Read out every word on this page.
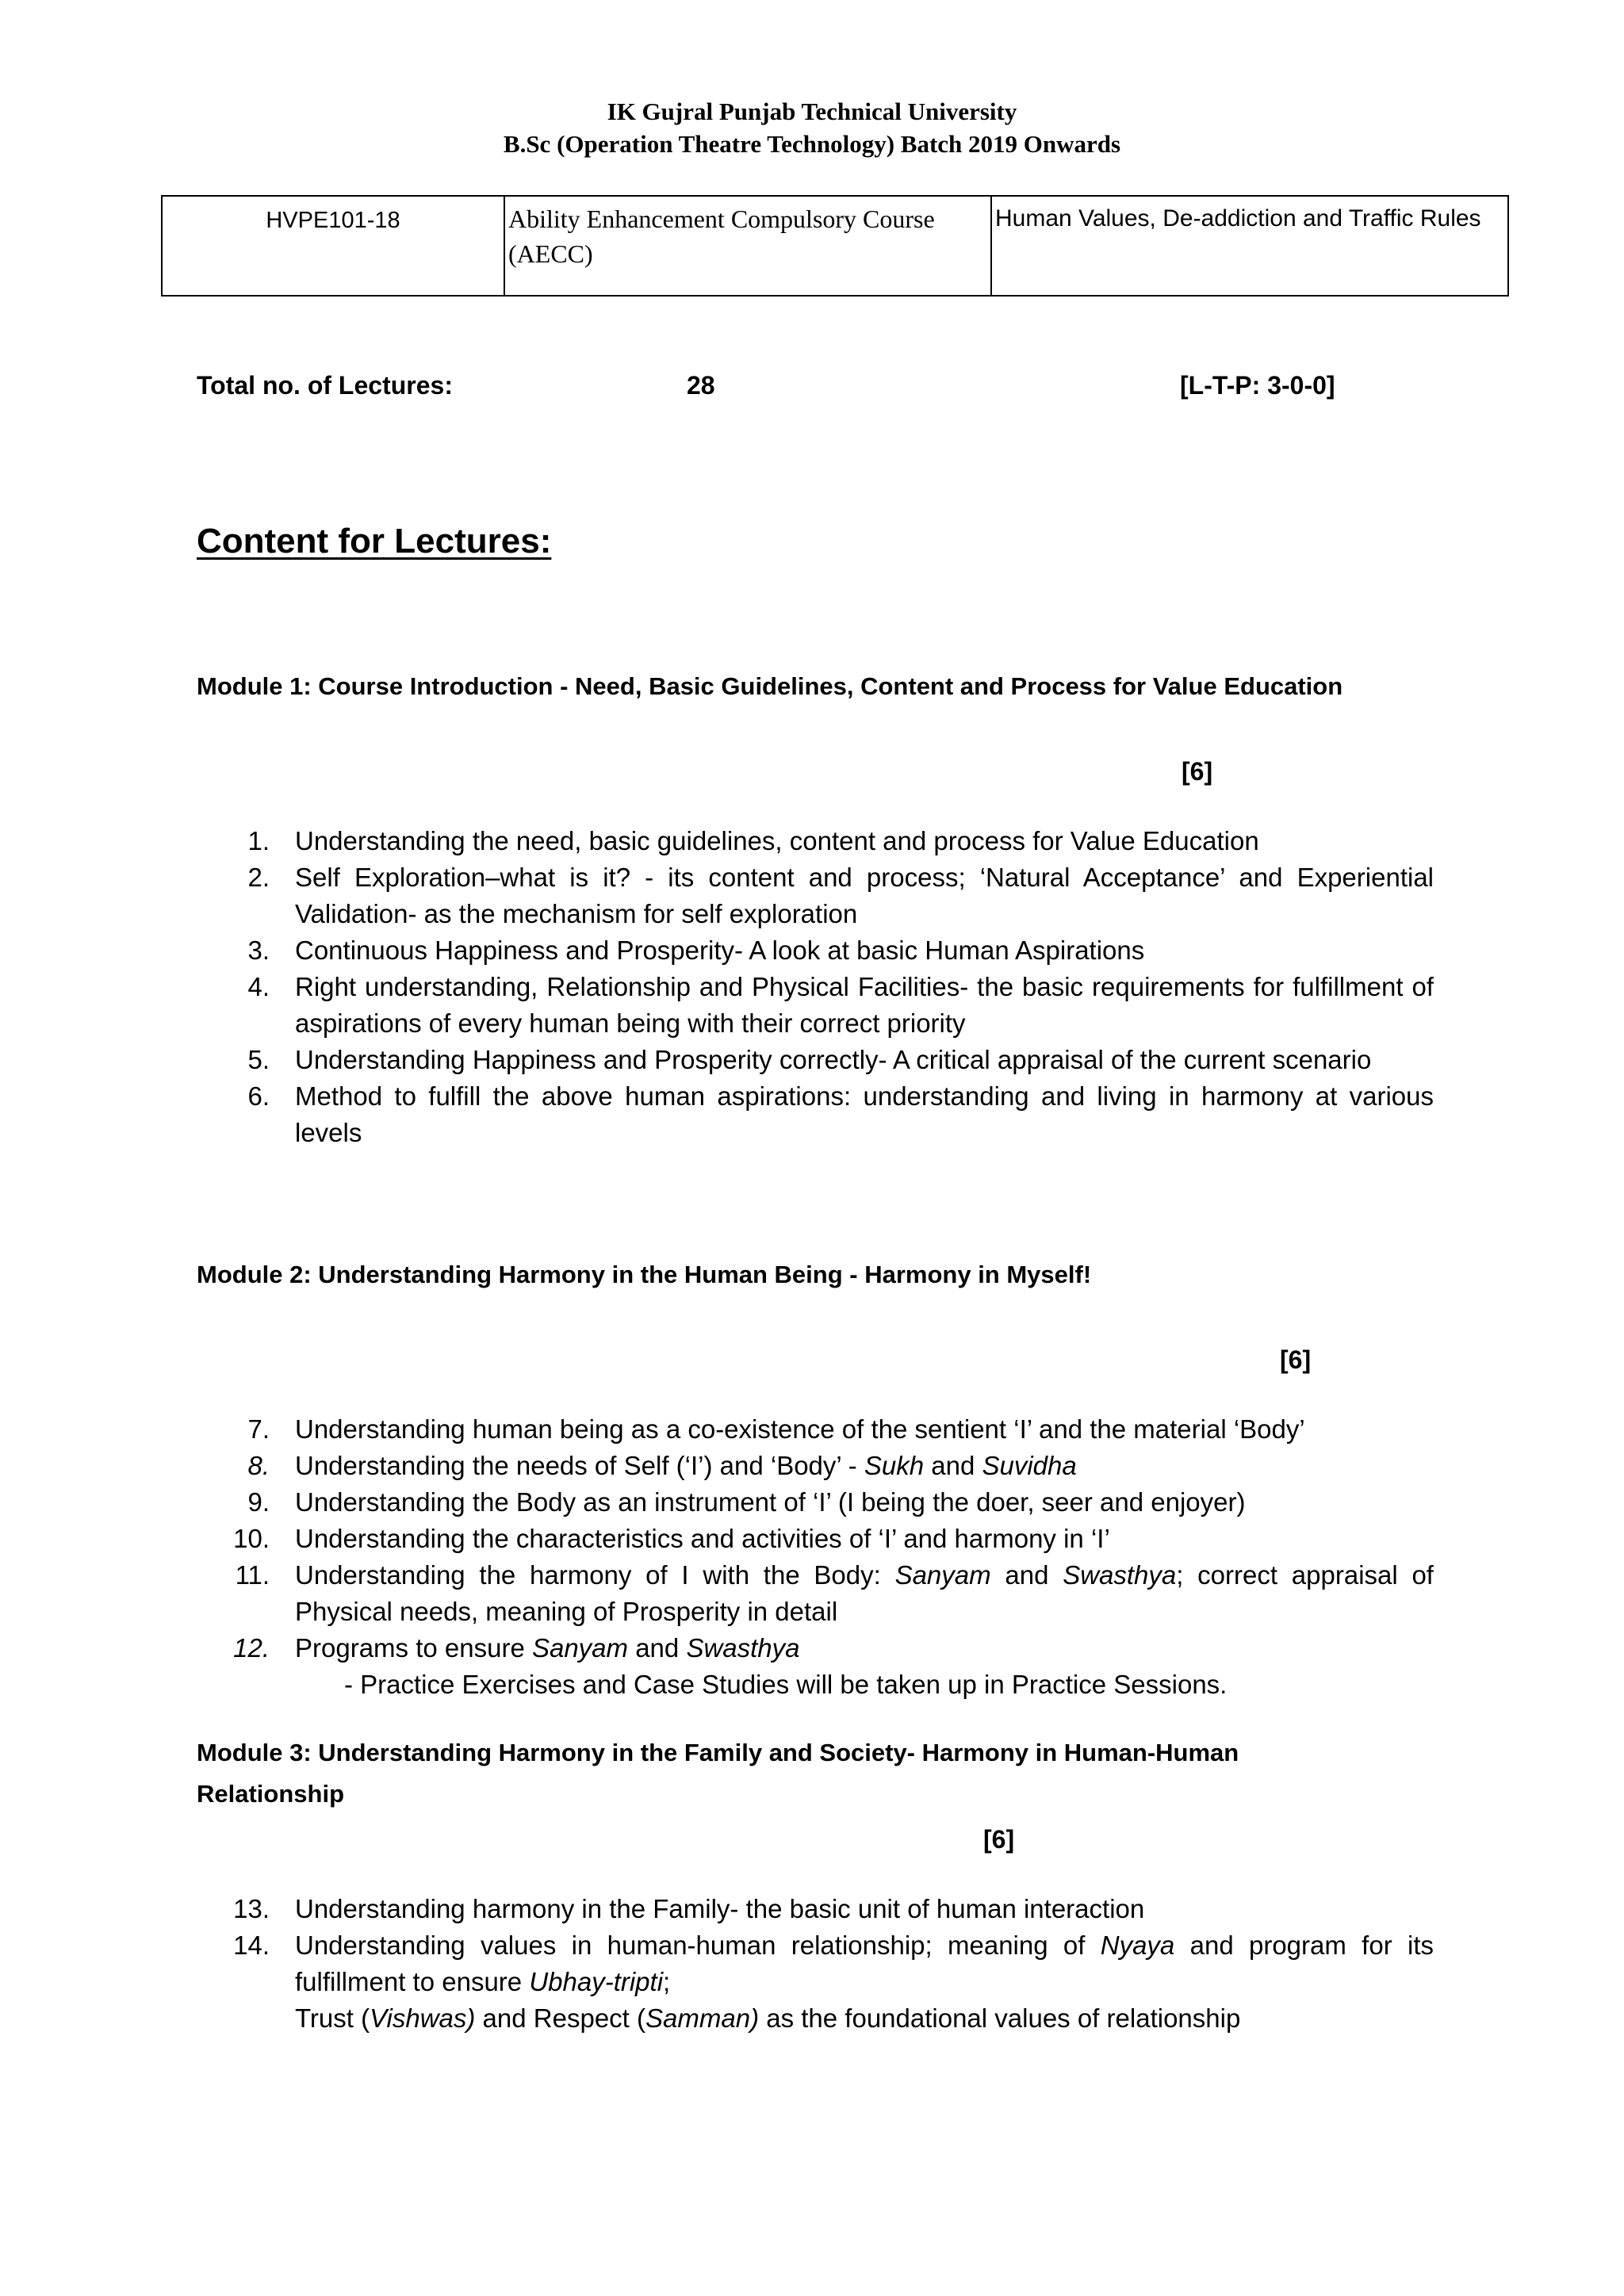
IK Gujral Punjab Technical University
B.Sc (Operation Theatre Technology) Batch 2019 Onwards
HVPE101-18	Ability Enhancement Compulsory Course (AECC)	Human Values, De-addiction and Traffic Rules
Total no. of Lectures:	28	[L-T-P: 3-0-0]
Content for Lectures:
Module 1: Course Introduction - Need, Basic Guidelines, Content and Process for Value Education
[6]
1. Understanding the need, basic guidelines, content and process for Value Education
2. Self Exploration–what is it? - its content and process; ‘Natural Acceptance’ and Experiential Validation- as the mechanism for self exploration
3. Continuous Happiness and Prosperity- A look at basic Human Aspirations
4. Right understanding, Relationship and Physical Facilities- the basic requirements for fulfillment of aspirations of every human being with their correct priority
5. Understanding Happiness and Prosperity correctly- A critical appraisal of the current scenario
6. Method to fulfill the above human aspirations: understanding and living in harmony at various levels
Module 2: Understanding Harmony in the Human Being - Harmony in Myself!
[6]
7. Understanding human being as a co-existence of the sentient ‘I’ and the material ‘Body’
8. Understanding the needs of Self (‘I’) and ‘Body’ - Sukh and Suvidha
9. Understanding the Body as an instrument of ‘I’ (I being the doer, seer and enjoyer)
10. Understanding the characteristics and activities of ‘I’ and harmony in ‘I’
11. Understanding the harmony of I with the Body: Sanyam and Swasthya; correct appraisal of Physical needs, meaning of Prosperity in detail
12. Programs to ensure Sanyam and Swasthya
- Practice Exercises and Case Studies will be taken up in Practice Sessions.
Module 3: Understanding Harmony in the Family and Society- Harmony in Human-Human
Relationship
[6]
13. Understanding harmony in the Family- the basic unit of human interaction
14. Understanding values in human-human relationship; meaning of Nyaya and program for its fulfillment to ensure Ubhay-tripti;
Trust (Vishwas) and Respect (Samman) as the foundational values of relationship
